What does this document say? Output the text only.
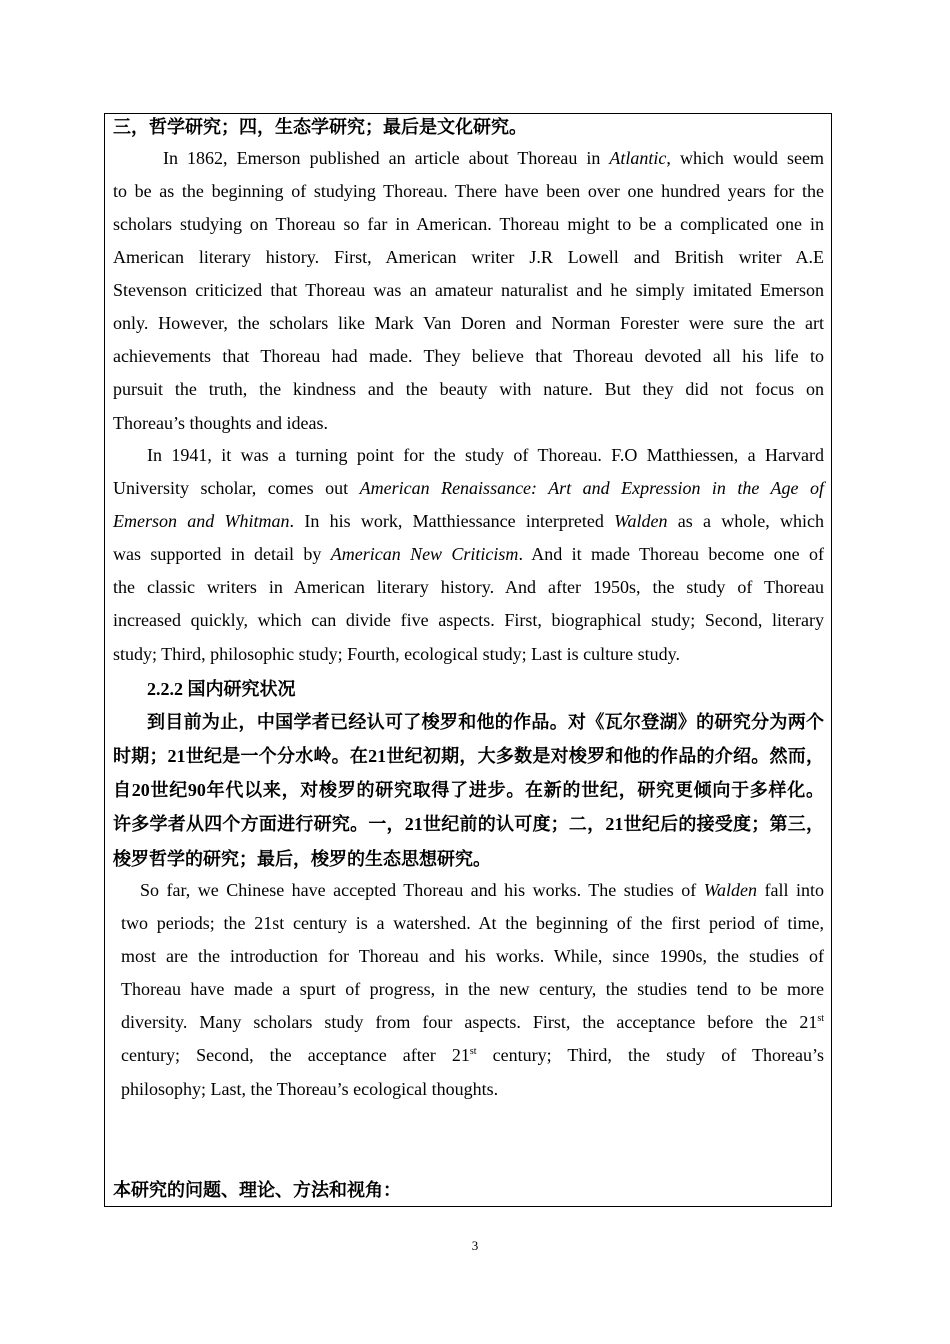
三，哲学研究；四，生态学研究；最后是文化研究。
In 1862, Emerson published an article about Thoreau in Atlantic, which would seem
to be as the beginning of studying Thoreau. There have been over one hundred years for the
scholars studying on Thoreau so far in American. Thoreau might to be a complicated one in
American literary history. First, American writer J.R Lowell and British writer A.E
Stevenson criticized that Thoreau was an amateur naturalist and he simply imitated Emerson
only. However, the scholars like Mark Van Doren and Norman Forester were sure the art
achievements that Thoreau had made. They believe that Thoreau devoted all his life to
pursuit the truth, the kindness and the beauty with nature. But they did not focus on
Thoreau’s thoughts and ideas.
In 1941, it was a turning point for the study of Thoreau. F.O Matthiessen, a Harvard
University scholar, comes out American Renaissance: Art and Expression in the Age of
Emerson and Whitman. In his work, Matthiessance interpreted Walden as a whole, which
was supported in detail by American New Criticism. And it made Thoreau become one of
the classic writers in American literary history. And after 1950s, the study of Thoreau
increased quickly, which can divide five aspects. First, biographical study; Second, literary
study; Third, philosophic study; Fourth, ecological study; Last is culture study.
2.2.2 国内研究状况
到目前为止，中国学者已经认可了梭罗和他的作品。对《瓦尔登湖》的研究分为两个
时期；21世纪是一个分水岭。在21世纪初期，大多数是对梭罗和他的作品的介绍。然而，
自20世纪90年代以来，对梭罗的研究取得了进步。在新的世纪，研究更倾向于多样化。
许多学者从四个方面进行研究。一，21世纪前的认可度；二，21世纪后的接受度；第三，
梭罗哲学的研究；最后，梭罗的生态思想研究。
So far, we Chinese have accepted Thoreau and his works. The studies of Walden fall into
two periods; the 21st century is a watershed. At the beginning of the first period of time,
most are the introduction for Thoreau and his works. While, since 1990s, the studies of
Thoreau have made a spurt of progress, in the new century, the studies tend to be more
diversity. Many scholars study from four aspects. First, the acceptance before the 21st
century; Second, the acceptance after 21st century; Third, the study of Thoreau’s
philosophy; Last, the Thoreau’s ecological thoughts.
本研究的问题、理论、方法和视角：
3
